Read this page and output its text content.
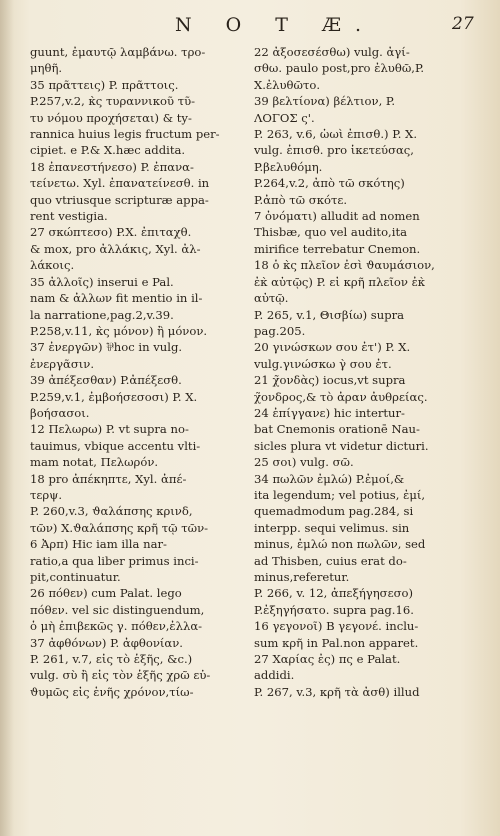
N O T Æ.	27
guunt, ἐμαυτῷ λαμβάνω. τρο-
μηθῆ.
35 πρᾶττεις) P. πρᾶττοις.
P.257,v.2, κ̀ς τυραννικοῦ τῦ-
τυ νόμου προχήσεται) & ty-
rannica huius legis fructum per-
cipiet. e P.& X.hæc addita.
18 ἐπανεστήνεσο) P. ἐπανα-
τείνετω. Xyl. ἐπανατείνεσθ. in
quo vtriusque scripturæ appa-
rent vestigia.
27 σκώπτεσο) P.X. ἐπιταχθ.
& mox, pro ἀλλάκις, Xyl. ἀλ-
λάκοις.
35 ἀλλοῖς) inserui e Pal.
nam & ἀλλων fit mentio in il-
la narratione,pag.2,v.39.
P.258,v.11, κ̀ς μόνον) ἢ μόνον.
37 ἐνεργῶν) ⅌hoc in vulg.
ἐνεργᾶσιν.
39 ἀπέξεσθαν) P.ἀπέξεσθ.
P.259,v.1, ἐμβοήσεσοσι) P. X.
βοήσασοι.
12 Πελωρω) P. vt supra no-
tauimus, vbique accentu vlti-
mam notat, Πελωρόν.
18 pro ἀπέκηπτε, Xyl. ἀπέ-
τερψ.
P. 260,v.3, ϑαλάπσης κρινδ,
τῶν) X.ϑαλάπσης κρῆ τῷ τῶν-
6 Ἀρπ) Hic iam illa nar-
ratio,a qua liber primus inci-
pit,continuatur.
26 πόθεν) cum Palat. lego
πόθεν. vel sic distinguendum,
ὁ μὴ ἐπιβεκῶς γ. πόθεν,ἐλλα-
37 ἀφθόνων) P. ἀφθονίαν.
P. 261, v.7, εἰς τὸ ἑξῆς, &c.)
vulg. σὺ ἢ εἰς τὸν ἑξῆς χρῶ εὐ-
ϑυμῶς εἰς ἑνῆς χρόνον,τίω-
22 ἀξοσεσέσθω) vulg. ἀγί-
σθω. paulo post,pro ἐλυθῶ,P.
X.ἐλυθῶτο.
39 βελτίονα) βέλτιον, P.
ΛΟΓΟΣ ς'.
P. 263, v.6, ὡωὶ ἐπισθ.) P. X.
vulg. ἐπισθ. pro ἱκετεύσας,
P.βελυθόμη.
P.264,v.2, ἀπὸ τῶ σκότης)
P.ἀπὸ τῶ σκότε.
7 ὀνόματι) alludit ad nomen
Thisbæ, quo vel audito,ita
mirifice terrebatur Cnemon.
18 ὁ κ̀ς πλεῖον ἐσὶ ϑαυμάσιον,
ἐκ̀ αὐτῷς) P. εἰ κρῆ πλεῖον ἐκ̀
αὐτῷ.
P. 265, v.1, Θισβίω) supra
pag.205.
20 γινώσκων σου ἐτ') P. X.
vulg.γινώσκω γ̀ σου ἐτ.
21 χ̃ονδὰς) iocus,vt supra
χ̃ονδρος,& τὸ ἀραν ἀυθρείας.
24 ἐπίγγανε) hic intertur-
bat Cnemonis orationē Nau-
sicles plura vt videtur dicturi.
25 σοι) vulg. σῶ.
34 πωλῶν ἐμλώ) P.ἐμοί,&
ita legendum; vel potius, ἐμί,
quemadmodum pag.284, si
interpp. sequi velimus. sin
minus, ἐμλώ non πωλῶν, sed
ad Thisben, cuius erat do-
minus,referetur.
P. 266, v. 12, ἀπεξήγησεσο)
P.ἐξηγήσατο. supra pag.16.
16 γεγονοῖ) Β γεγονέ. inclu-
sum κρῆ in Pal.non apparet.
27 Χαρίας ἐς) πς e Palat.
addidi.
P. 267, v.3, κρῆ τὰ ἀσθ) illud
